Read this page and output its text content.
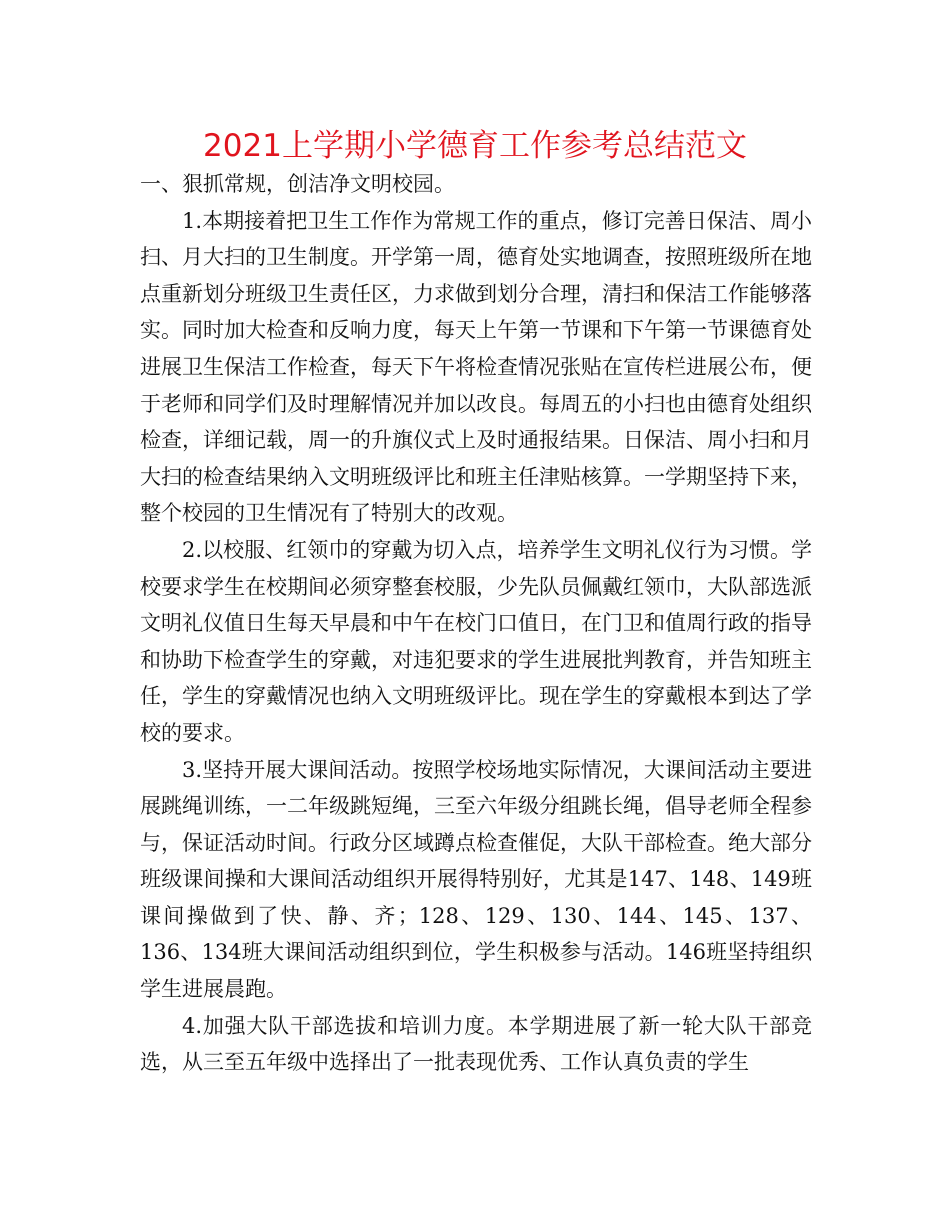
2021上学期小学德育工作参考总结范文

一、狠抓常规，创洁净文明校园。

1.本期接着把卫生工作作为常规工作的重点，修订完善日保洁、周小扫、月大扫的卫生制度。开学第一周，德育处实地调查，按照班级所在地点重新划分班级卫生责任区，力求做到划分合理，清扫和保洁工作能够落实。同时加大检查和反响力度，每天上午第一节课和下午第一节课德育处进展卫生保洁工作检查，每天下午将检查情况张贴在宣传栏进展公布，便于老师和同学们及时理解情况并加以改良。每周五的小扫也由德育处组织检查，详细记载，周一的升旗仪式上及时通报结果。日保洁、周小扫和月大扫的检查结果纳入文明班级评比和班主任津贴核算。一学期坚持下来，整个校园的卫生情况有了特别大的改观。

2.以校服、红领巾的穿戴为切入点，培养学生文明礼仪行为习惯。学校要求学生在校期间必须穿整套校服，少先队员佩戴红领巾，大队部选派文明礼仪值日生每天早晨和中午在校门口值日，在门卫和值周行政的指导和协助下检查学生的穿戴，对违犯要求的学生进展批判教育，并告知班主任，学生的穿戴情况也纳入文明班级评比。现在学生的穿戴根本到达了学校的要求。

3.坚持开展大课间活动。按照学校场地实际情况，大课间活动主要进展跳绳训练，一二年级跳短绳，三至六年级分组跳长绳，倡导老师全程参与，保证活动时间。行政分区域蹲点检查催促，大队干部检查。绝大部分班级课间操和大课间活动组织开展得特别好，尤其是147、148、149班课间操做到了快、静、齐；128、129、130、144、145、137、136、134班大课间活动组织到位，学生积极参与活动。146班坚持组织学生进展晨跑。

4.加强大队干部选拔和培训力度。本学期进展了新一轮大队干部竞选，从三至五年级中选择出了一批表现优秀、工作认真负责的学生
